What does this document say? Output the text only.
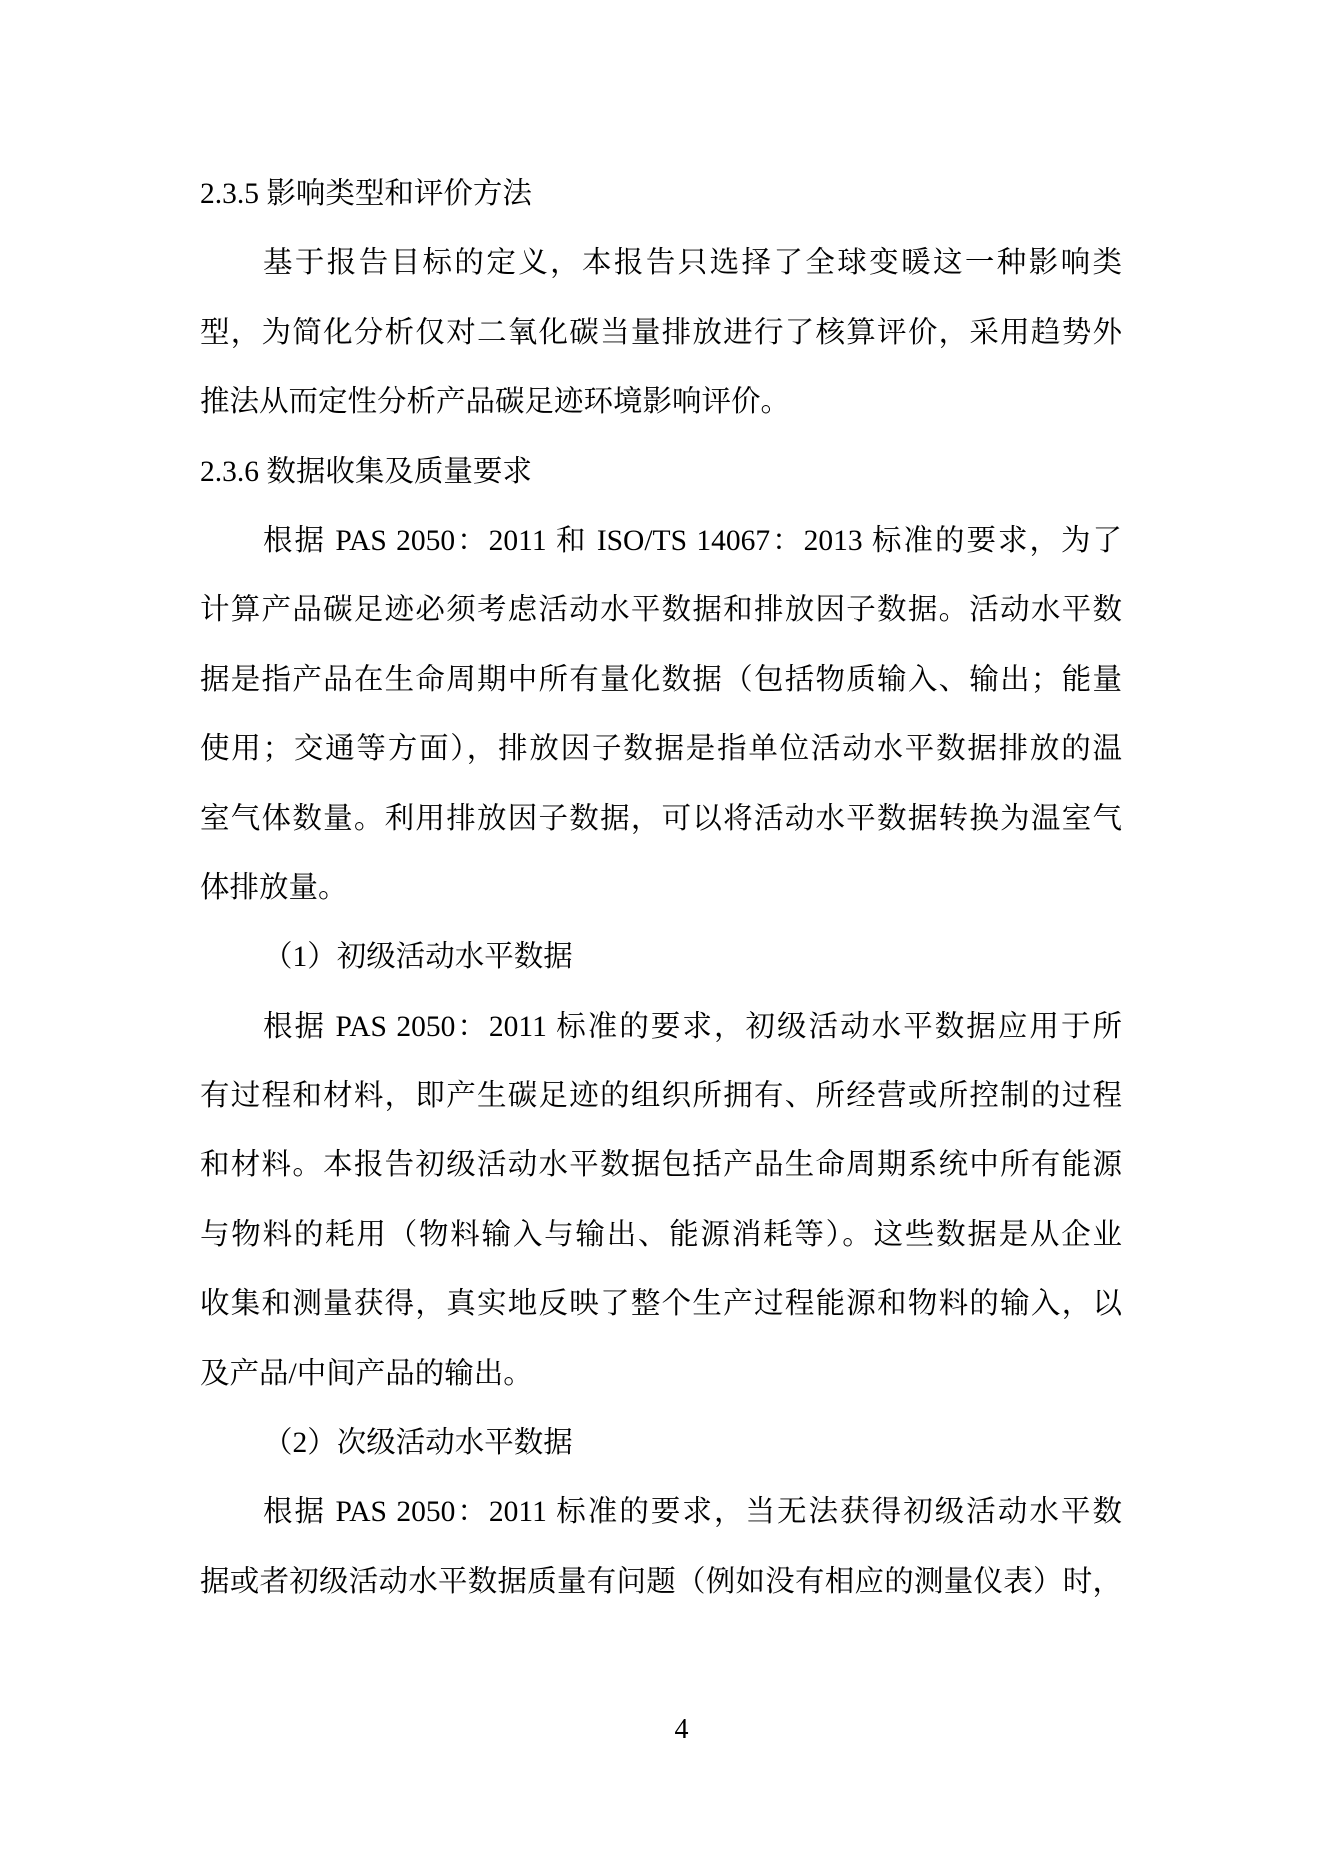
2.3.5 影响类型和评价方法
基于报告目标的定义，本报告只选择了全球变暖这一种影响类
型，为简化分析仅对二氧化碳当量排放进行了核算评价，采用趋势外
推法从而定性分析产品碳足迹环境影响评价。
2.3.6 数据收集及质量要求
根据 PAS 2050：2011 和 ISO/TS 14067：2013 标准的要求，为了
计算产品碳足迹必须考虑活动水平数据和排放因子数据。活动水平数
据是指产品在生命周期中所有量化数据（包括物质输入、输出；能量
使用；交通等方面），排放因子数据是指单位活动水平数据排放的温
室气体数量。利用排放因子数据，可以将活动水平数据转换为温室气
体排放量。
（1）初级活动水平数据
根据 PAS 2050：2011 标准的要求，初级活动水平数据应用于所
有过程和材料，即产生碳足迹的组织所拥有、所经营或所控制的过程
和材料。本报告初级活动水平数据包括产品生命周期系统中所有能源
与物料的耗用（物料输入与输出、能源消耗等）。这些数据是从企业
收集和测量获得，真实地反映了整个生产过程能源和物料的输入，以
及产品/中间产品的输出。
（2）次级活动水平数据
根据 PAS 2050：2011 标准的要求，当无法获得初级活动水平数
据或者初级活动水平数据质量有问题（例如没有相应的测量仪表）时，
4
